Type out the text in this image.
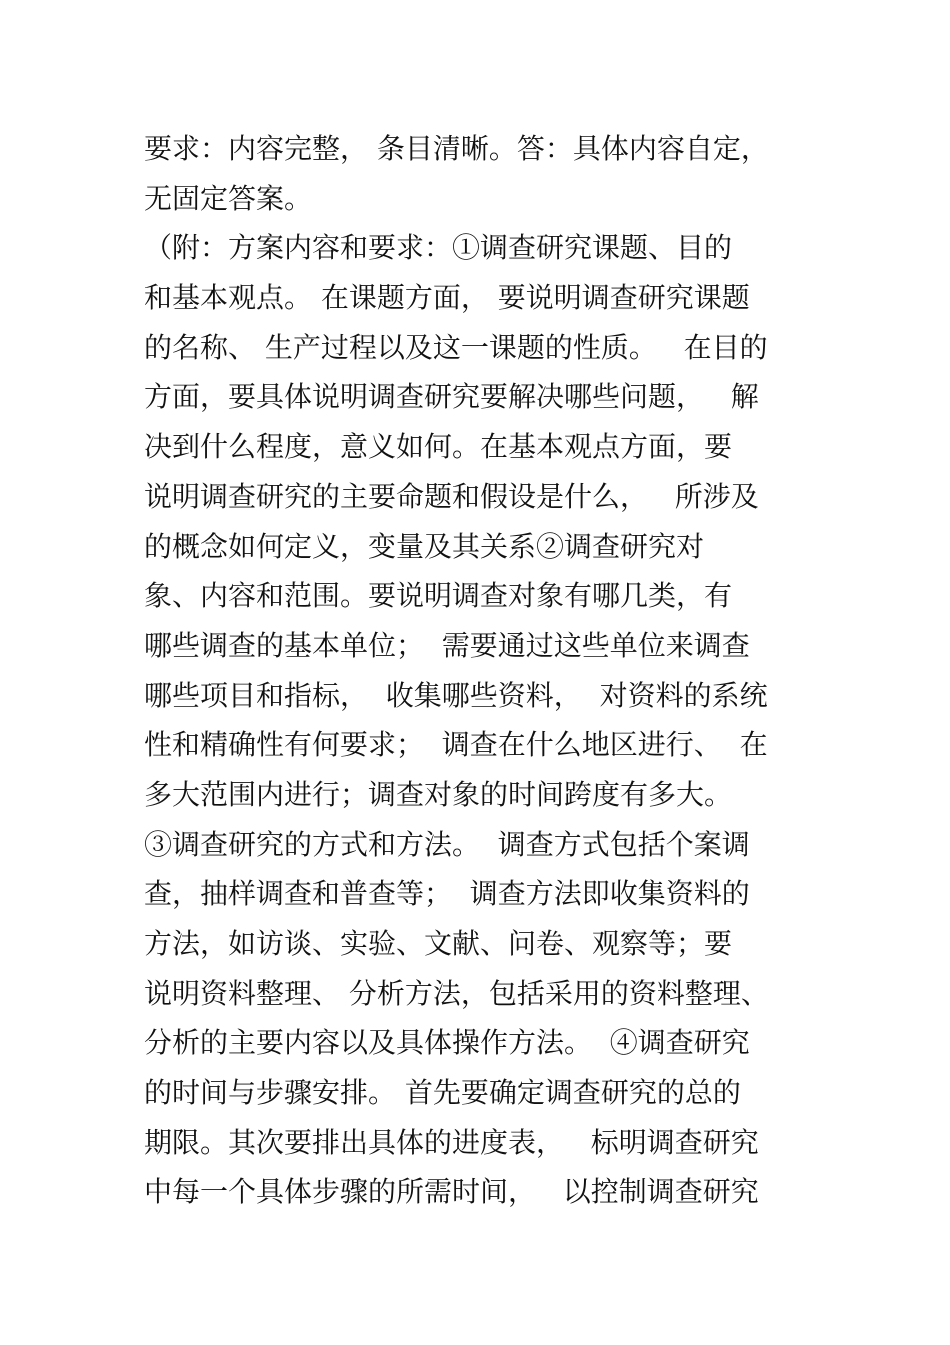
要求：内容完整， 条目清晰。答：具体内容自定，
无固定答案。
（附：方案内容和要求：①调查研究课题、目的
和基本观点。 在课题方面， 要说明调查研究课题
的名称、 生产过程以及这一课题的性质。   在目的
方面，要具体说明调查研究要解决哪些问题，   解
决到什么程度，意义如何。在基本观点方面，要
说明调查研究的主要命题和假设是什么，   所涉及
的概念如何定义，变量及其关系②调查研究对
象、内容和范围。要说明调查对象有哪几类，有
哪些调查的基本单位；  需要通过这些单位来调查
哪些项目和指标，  收集哪些资料，  对资料的系统
性和精确性有何要求；  调查在什么地区进行、  在
多大范围内进行；调查对象的时间跨度有多大。
③调查研究的方式和方法。  调查方式包括个案调
查，抽样调查和普查等；  调查方法即收集资料的
方法，如访谈、实验、文献、问卷、观察等；要
说明资料整理、 分析方法，包括采用的资料整理、
分析的主要内容以及具体操作方法。  ④调查研究
的时间与步骤安排。 首先要确定调查研究的总的
期限。其次要排出具体的进度表，   标明调查研究
中每一个具体步骤的所需时间，   以控制调查研究
